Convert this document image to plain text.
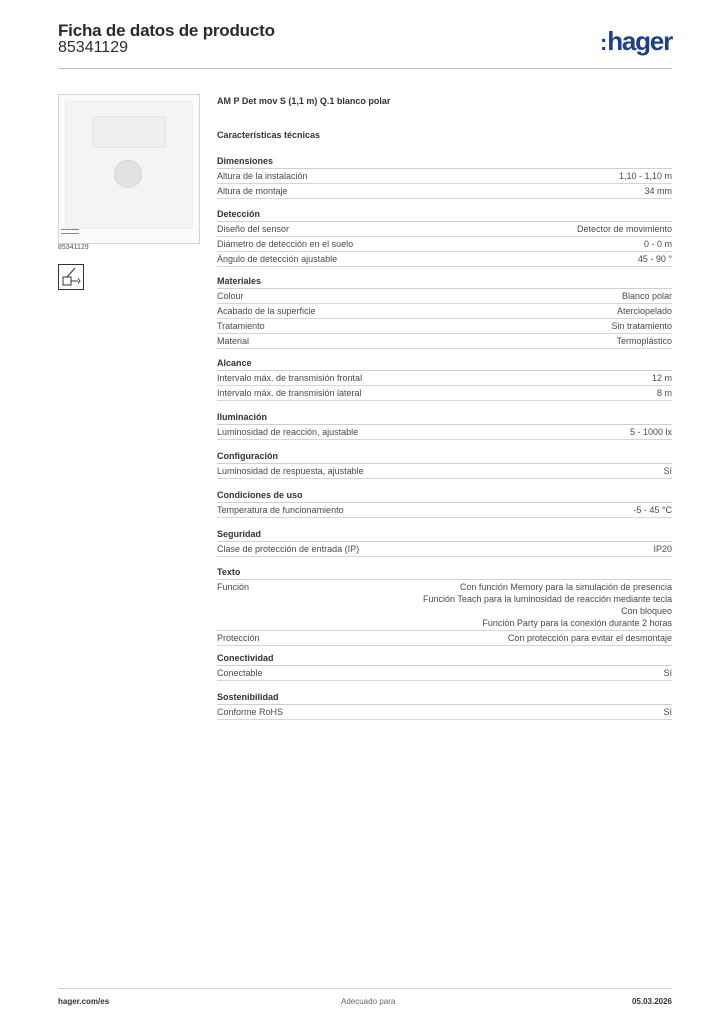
Ficha de datos de producto
85341129	:hager
85341129
AM P Det mov S (1,1 m) Q.1 blanco polar
Características técnicas
Dimensiones
Altura de la instalación	1,10 - 1,10 m
Altura de montaje	34 mm
Detección
Diseño del sensor	Detector de movimiento
Diámetro de detección en el suelo	0 - 0 m
Ángulo de detección ajustable	45 - 90 °
Materiales
Colour	Blanco polar
Acabado de la superficie	Aterciopelado
Tratamiento	Sin tratamiento
Material	Termoplástico
Alcance
Intervalo máx. de transmisión frontal	12 m
Intervalo máx. de transmisión lateral	8 m
Iluminación
Luminosidad de reacción, ajustable	5 - 1000 lx
Configuración
Luminosidad de respuesta, ajustable	Sí
Condiciones de uso
Temperatura de funcionamiento	-5 - 45 °C
Seguridad
Clase de protección de entrada (IP)	IP20
Texto
Función	Con función Memory para la simulación de presencia
Función Teach para la luminosidad de reacción mediante tecla
Con bloqueo
Función Party para la conexión durante 2 horas
Protección	Con protección para evitar el desmontaje
Conectividad
Conectable	Sí
Sostenibilidad
Conforme RoHS	Sí
hager.com/es	Adecuado para	05.03.2026
